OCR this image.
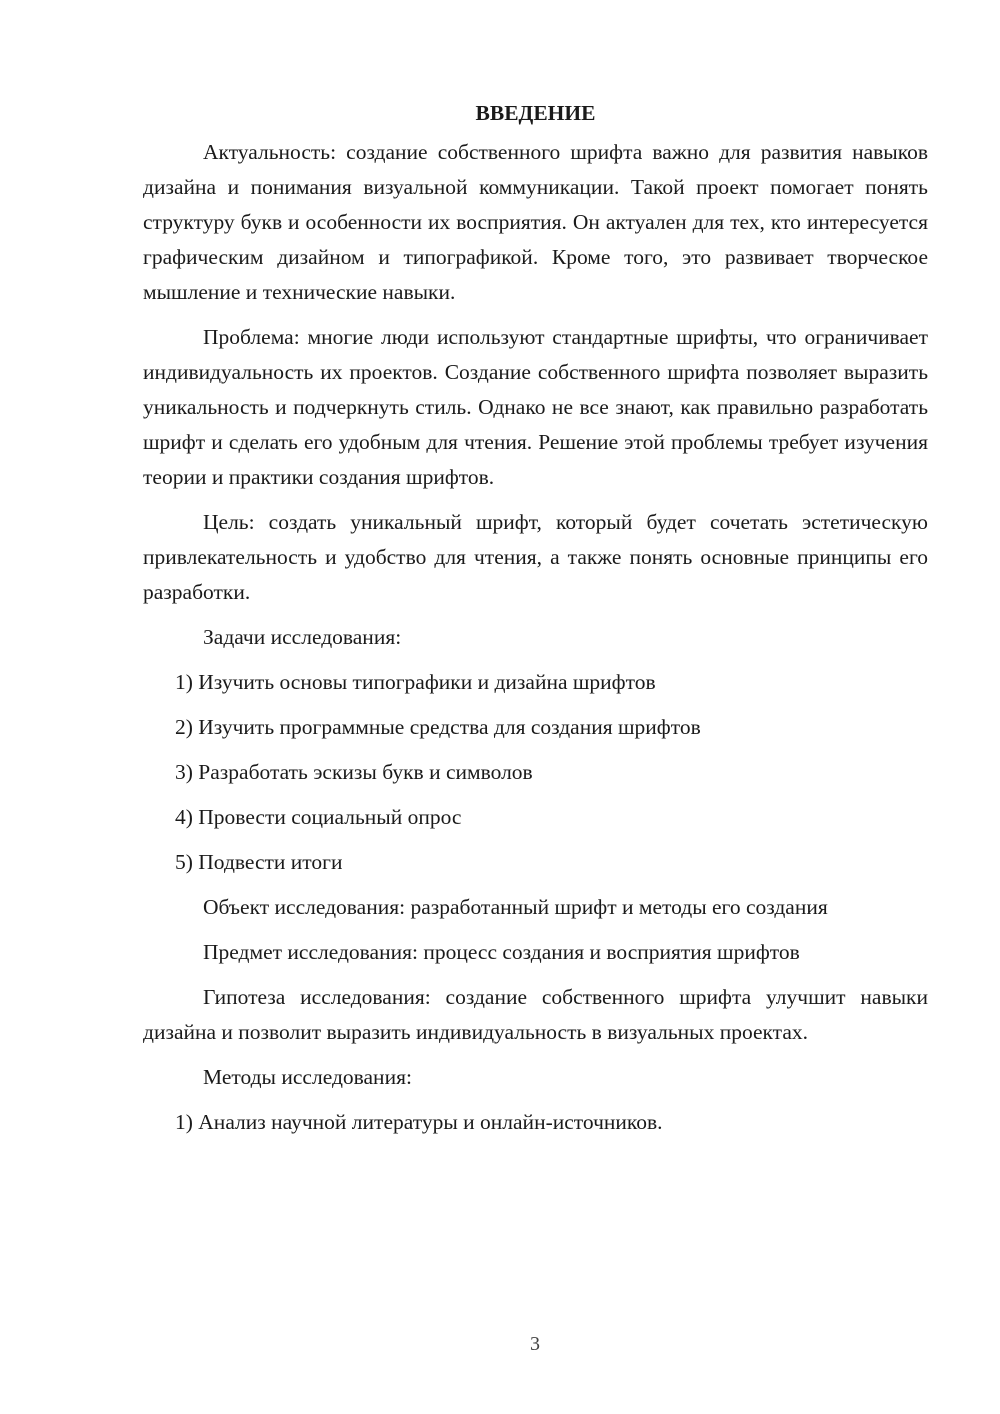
ВВЕДЕНИЕ

Актуальность: создание собственного шрифта важно для развития навыков дизайна и понимания визуальной коммуникации. Такой проект помогает понять структуру букв и особенности их восприятия. Он актуален для тех, кто интересуется графическим дизайном и типографикой. Кроме того, это развивает творческое мышление и технические навыки.

Проблема: многие люди используют стандартные шрифты, что ограничивает индивидуальность их проектов. Создание собственного шрифта позволяет выразить уникальность и подчеркнуть стиль. Однако не все знают, как правильно разработать шрифт и сделать его удобным для чтения. Решение этой проблемы требует изучения теории и практики создания шрифтов.

Цель: создать уникальный шрифт, который будет сочетать эстетическую привлекательность и удобство для чтения, а также понять основные принципы его разработки.

Задачи исследования:

1) Изучить основы типографики и дизайна шрифтов
2) Изучить программные средства для создания шрифтов
3) Разработать эскизы букв и символов
4) Провести социальный опрос
5) Подвести итоги

Объект исследования: разработанный шрифт и методы его создания

Предмет исследования: процесс создания и восприятия шрифтов

Гипотеза исследования: создание собственного шрифта улучшит навыки дизайна и позволит выразить индивидуальность в визуальных проектах.

Методы исследования:

1) Анализ научной литературы и онлайн-источников.
3
